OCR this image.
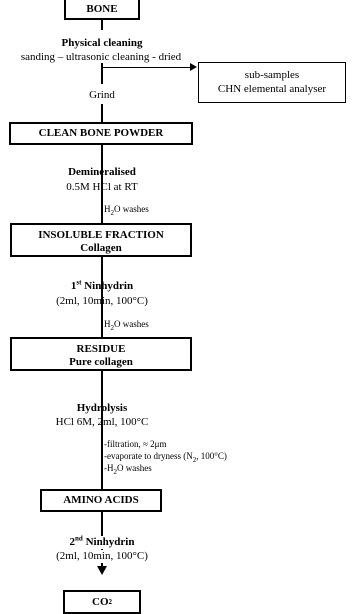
BONE
Physical cleaning
sanding – ultrasonic cleaning - dried
sub-samples
CHN elemental analyser
Grind
CLEAN BONE POWDER
Demineralised
0.5M HCl at RT
$H_2O$ washes
INSOLUBLE FRACTION
Collagen
1st Ninhydrin
(2ml, 10min, 100°C)
$H_2O$ washes
RESIDUE
Pure collagen
Hydrolysis
HCl 6M, 2ml, 100°C
-filtration, ≈ 2μm
-evaporate to dryness ($N_2$, 100°C)
$-H_2O$ washes
AMINO ACIDS
2nd Ninhydrin
(2ml, 10min, 100°C)
CO 2
